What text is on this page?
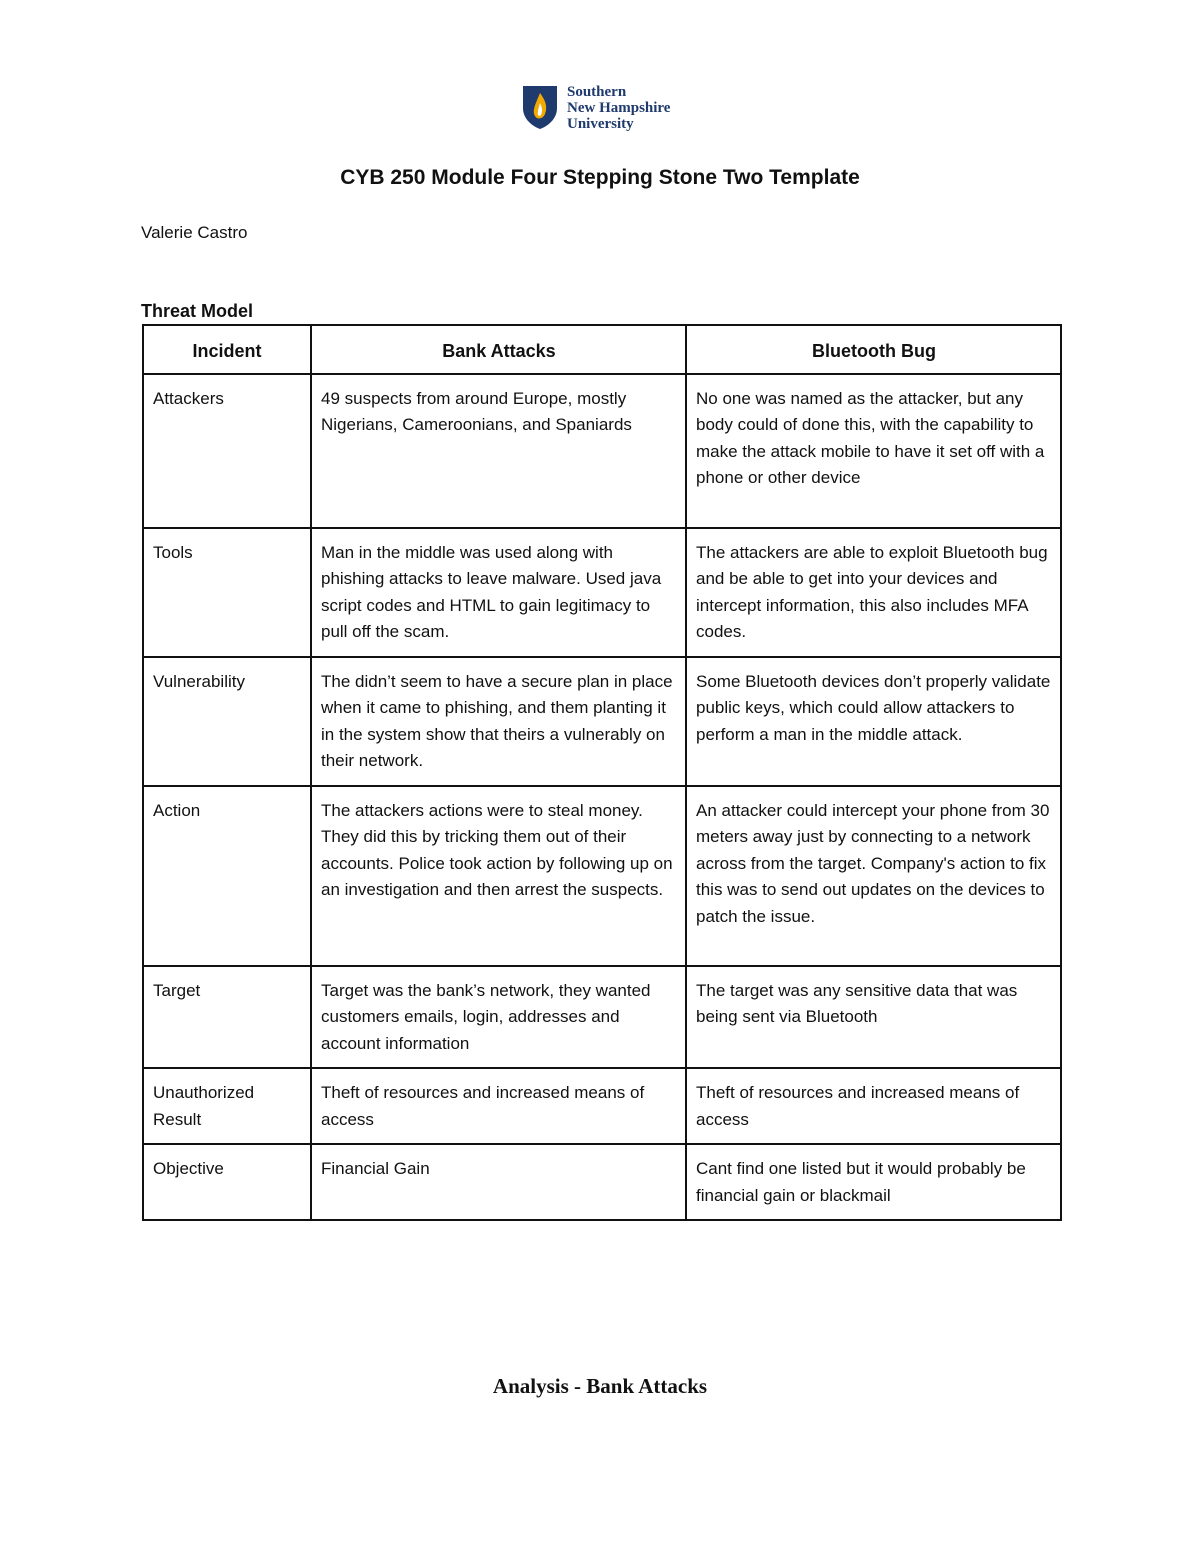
Southern
New Hampshire
University
CYB 250 Module Four Stepping Stone Two Template
Valerie Castro
Threat Model
Incident	Bank Attacks	Bluetooth Bug
Attackers	49 suspects from around Europe, mostly Nigerians, Cameroonians, and Spaniards	No one was named as the attacker, but any body could of done this, with the capability to make the attack mobile to have it set off with a phone or other device
Tools	Man in the middle was used along with phishing attacks to leave malware. Used java script codes and HTML to gain legitimacy to pull off the scam.	The attackers are able to exploit Bluetooth bug and be able to get into your devices and intercept information, this also includes MFA codes.
Vulnerability	The didn’t seem to have a secure plan in place when it came to phishing, and them planting it in the system show that theirs a vulnerably on their network.	Some Bluetooth devices don’t properly validate public keys, which could allow attackers to perform a man in the middle attack.
Action	The attackers actions were to steal money. They did this by tricking them out of their accounts. Police took action by following up on an investigation and then arrest the suspects.	An attacker could intercept your phone from 30 meters away just by connecting to a network across from the target. Company's action to fix this was to send out updates on the devices to patch the issue.
Target	Target was the bank’s network, they wanted customers emails, login, addresses and account information	The target was any sensitive data that was being sent via Bluetooth
Unauthorized Result	Theft of resources and increased means of access	Theft of resources and increased means of access
Objective	Financial Gain	Cant find one listed but it would probably be financial gain or blackmail
Analysis - Bank Attacks
